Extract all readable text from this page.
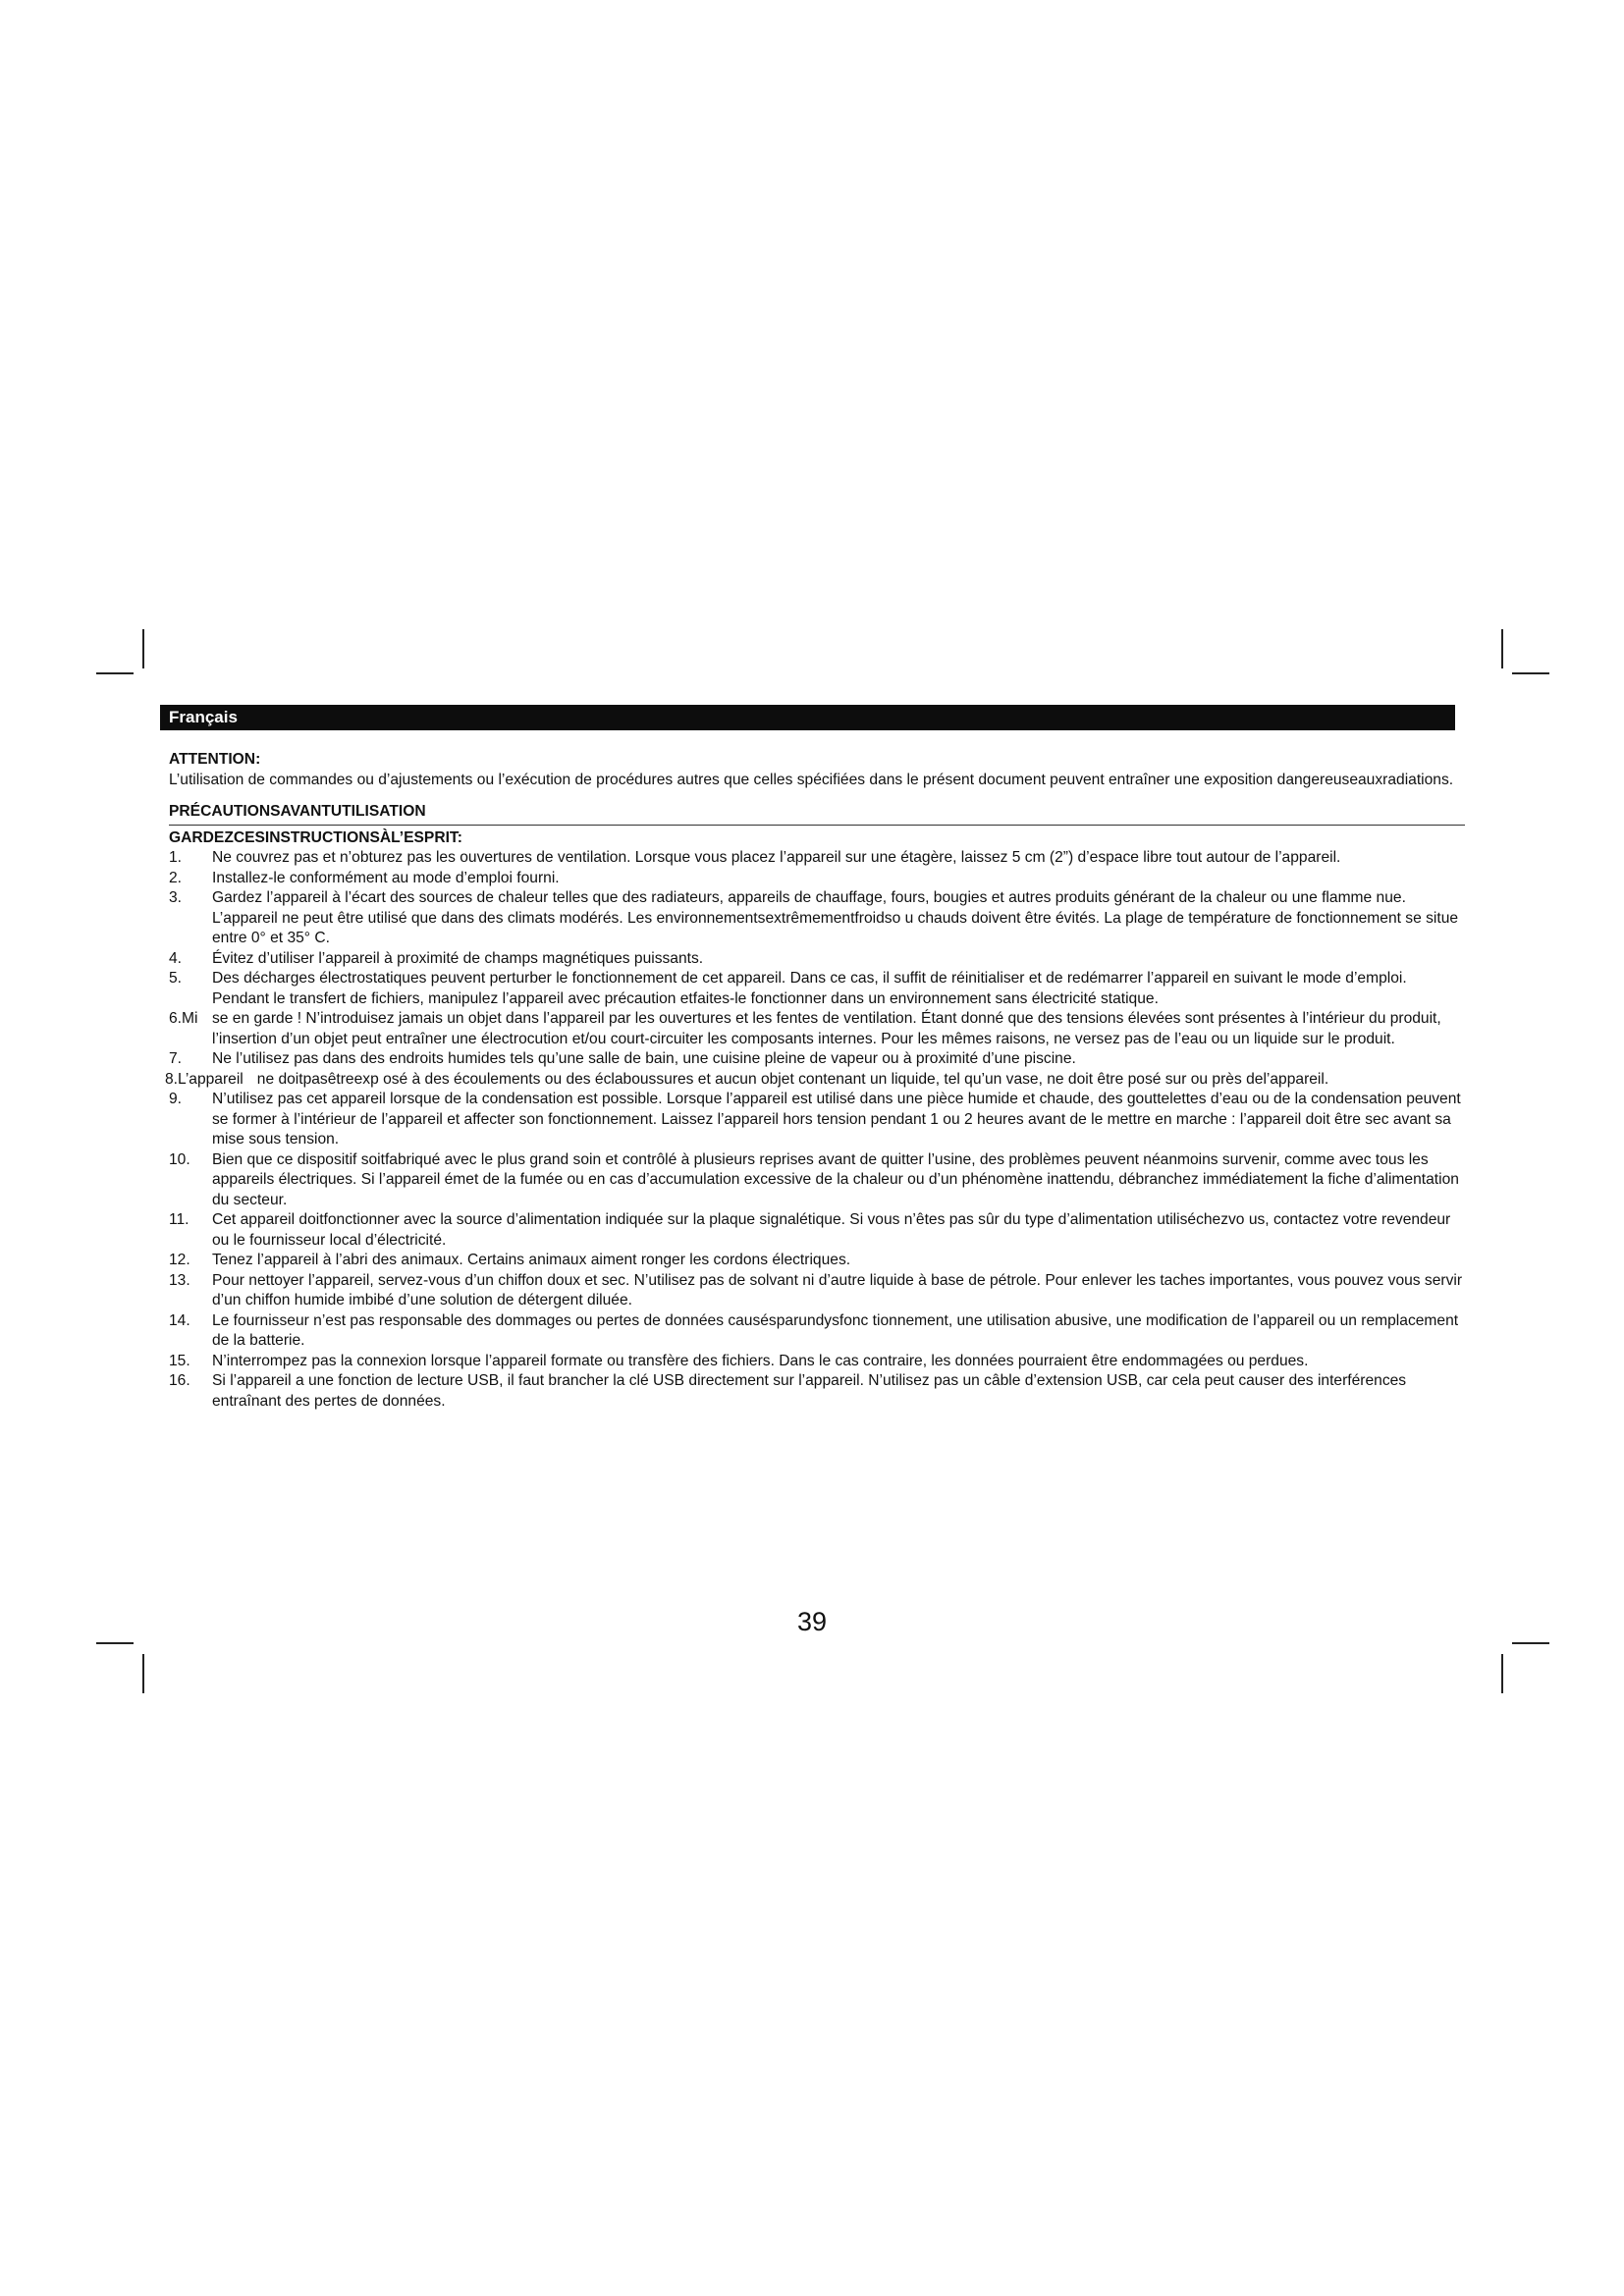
Français
ATTENTION:

L’utilisation de commandes ou d’ajustements ou l’exécution de procédures autres que celles spécifiées dans le présent document peuvent entraîner une exposition dangereuseauxradiations.

PRÉCAUTIONSAVANTUTILISATION
GARDEZCESINSTRUCTIONSÀL’ESPRIT:
1.	Ne couvrez pas et n’obturez pas les ouvertures de ventilation. Lorsque vous placez l’appareil sur une étagère, laissez 5 cm (2”) d’espace libre tout autour de l’appareil.
2.	Installez-le conformément au mode d’emploi fourni.
3.	Gardez l’appareil à l’écart des sources de chaleur telles que des radiateurs, appareils de chauffage, fours, bougies et autres produits générant de la chaleur ou une flamme nue. L’appareil ne peut être utilisé que dans des climats modérés. Les environnementsextrêmementfroidso u chauds doivent être évités. La plage de température de fonctionnement se situe entre 0° et 35° C.
4.	Évitez d’utiliser l’appareil à proximité de champs magnétiques puissants.
5.	Des décharges électrostatiques peuvent perturber le fonctionnement de cet appareil. Dans ce cas, il suffit de réinitialiser et de redémarrer l’appareil en suivant le mode d’emploi. Pendant le transfert de fichiers, manipulez l’appareil avec précaution etfaites-le fonctionner dans un environnement sans électricité statique.
6.Mi se en garde ! N’introduisez jamais un objet dans l’appareil par les ouvertures et les fentes de ventilation. Étant donné que des tensions élevées sont présentes à l’intérieur du produit, l’insertion d’un objet peut entraîner une électrocution et/ou court-circuiter les composants internes. Pour les mêmes raisons, ne versez pas de l’eau ou un liquide sur le produit.
7.	Ne l’utilisez pas dans des endroits humides tels qu’une salle de bain, une cuisine pleine de vapeur ou à proximité d’une piscine.
8.L’appareil ne doitpasêtreexp osé à des écoulements ou des éclaboussures et aucun objet contenant un liquide, tel qu’un vase, ne doit être posé sur ou près del’appareil.
9.	N’utilisez pas cet appareil lorsque de la condensation est possible. Lorsque l’appareil est utilisé dans une pièce humide et chaude, des gouttelettes d’eau ou de la condensation peuvent se former à l’intérieur de l’appareil et affecter son fonctionnement. Laissez l’appareil hors tension pendant 1 ou 2 heures avant de le mettre en marche : l’appareil doit être sec avant sa mise sous tension.
10.	Bien que ce dispositif soitfabriqué avec le plus grand soin et contrôlé à plusieurs reprises avant de quitter l’usine, des problèmes peuvent néanmoins survenir, comme avec tous les appareils électriques. Si l’appareil émet de la fumée ou en cas d’accumulation excessive de la chaleur ou d’un phénomène inattendu, débranchez immédiatement la fiche d’alimentation du secteur.
11.	Cet appareil doitfonctionner avec la source d’alimentation indiquée sur la plaque signalétique. Si vous n’êtes pas sûr du type d’alimentation utiliséchezvo us, contactez votre revendeur ou le fournisseur local d’électricité.
12.	Tenez l’appareil à l’abri des animaux. Certains animaux aiment ronger les cordons électriques.
13.	Pour nettoyer l’appareil, servez-vous d’un chiffon doux et sec. N’utilisez pas de solvant ni d’autre liquide à base de pétrole. Pour enlever les taches importantes, vous pouvez vous servir d’un chiffon humide imbibé d’une solution de détergent diluée.
14.	Le fournisseur n’est pas responsable des dommages ou pertes de données causésparundysfonc tionnement, une utilisation abusive, une modification de l’appareil ou un remplacement de la batterie.
15.	N’interrompez pas la connexion lorsque l’appareil formate ou transfère des fichiers. Dans le cas contraire, les données pourraient être endommagées ou perdues.
16.	Si l’appareil a une fonction de lecture USB, il faut brancher la clé USB directement sur l’appareil. N’utilisez pas un câble d’extension USB, car cela peut causer des interférences entraînant des pertes de données.
39
